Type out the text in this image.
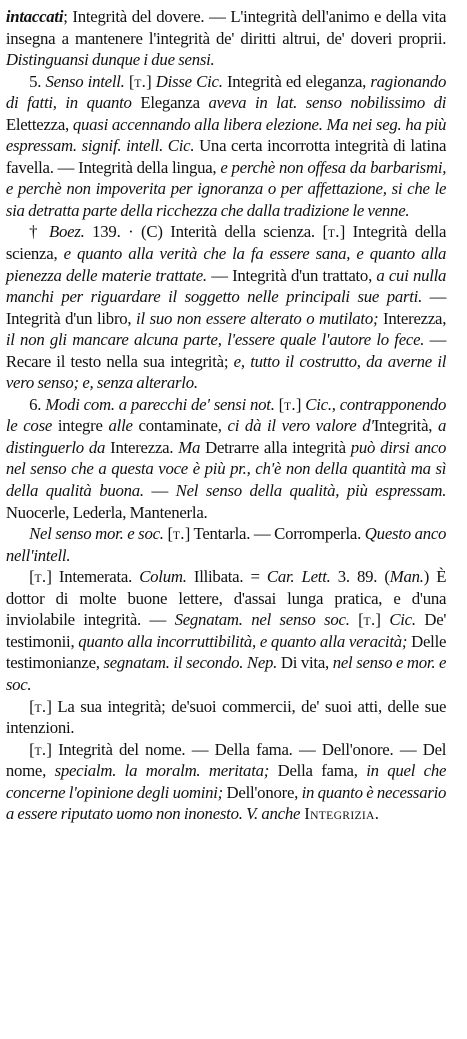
intaccati; Integrità del dovere. — L'integrità dell'animo e della vita insegna a mantenere l'integrità de' diritti altrui, de' doveri proprii. Distinguansi dunque i due sensi.

5. Senso intell. [t.] Disse Cic. Integrità ed eleganza, ragionando di fatti, in quanto Eleganza aveva in lat. senso nobilissimo di Elettezza, quasi accennando alla libera elezione. Ma nei seg. ha più espressam. signif. intell. Cic. Una certa incorrotta integrità di latina favella. — Integrità della lingua, e perchè non offesa da barbarismi, e perchè non impoverita per ignoranza o per affettazione, si che le sia detratta parte della ricchezza che dalla tradizione le venne.

† Boez. 139. · (C) Interità della scienza. [t.] Integrità della scienza, e quanto alla verità che la fa essere sana, e quanto alla pienezza delle materie trattate. — Integrità d'un trattato, a cui nulla manchi per riguardare il soggetto nelle principali sue parti. — Integrità d'un libro, il suo non essere alterato o mutilato; Interezza, il non gli mancare alcuna parte, l'essere quale l'autore lo fece. — Recare il testo nella sua integrità; e, tutto il costrutto, da averne il vero senso; e, senza alterarlo.

6. Modi com. a parecchi de' sensi not. [t.] Cic., contrapponendo le cose integre alle contaminate, ci dà il vero valore d'Integrità, a distinguerlo da Interezza. Ma Detrarre alla integrità può dirsi anco nel senso che a questa voce è più pr., ch'è non della quantità ma sì della qualità buona. — Nel senso della qualità, più espressam. Nuocerle, Lederla, Mantenerla.

Nel senso mor. e soc. [t.] Tentarla. — Corromperla. Questo anco nell'intell.

[t.] Intemerata. Colum. Illibata. = Car. Lett. 3. 89. (Man.) È dottor di molte buone lettere, d'assai lunga pratica, e d'una inviolabile integrità. — Segnatam. nel senso soc. [t.] Cic. De' testimonii, quanto alla incorruttibilità, e quanto alla veracità; Delle testimonianze, segnatam. il secondo. Nep. Di vita, nel senso e mor. e soc.

[t.] La sua integrità; de'suoi commercii, de' suoi atti, delle sue intenzioni.

[t.] Integrità del nome. — Della fama. — Dell'onore. — Del nome, specialm. la moralm. meritata; Della fama, in quel che concerne l'opinione degli uomini; Dell'onore, in quanto è necessario a essere riputato uomo non inonesto. V. anche Integrizia.
